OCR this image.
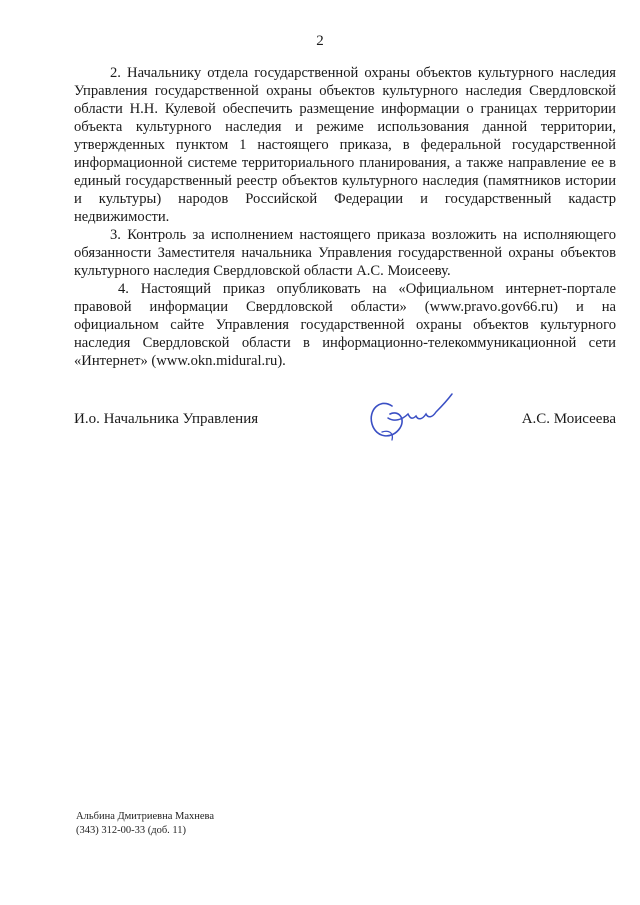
2

2. Начальнику отдела государственной охраны объектов культурного наследия Управления государственной охраны объектов культурного наследия Свердловской области Н.Н. Кулевой обеспечить размещение информации о границах территории объекта культурного наследия и режиме использования данной территории, утвержденных пунктом 1 настоящего приказа, в федеральной государственной информационной системе территориального планирования, а также направление ее в единый государственный реестр объектов культурного наследия (памятников истории и культуры) народов Российской Федерации и государственный кадастр недвижимости.

3. Контроль за исполнением настоящего приказа возложить на исполняющего обязанности Заместителя начальника Управления государственной охраны объектов культурного наследия Свердловской области А.С. Моисееву.

4. Настоящий приказ опубликовать на «Официальном интернет-портале правовой информации Свердловской области» (www.pravo.gov66.ru) и на официальном сайте Управления государственной охраны объектов культурного наследия Свердловской области в информационно-телекоммуникационной сети «Интернет» (www.okn.midural.ru).

И.о. Начальника Управления	А.С. Моисеева
Альбина Дмитриевна Махнева
(343) 312-00-33 (доб. 11)
